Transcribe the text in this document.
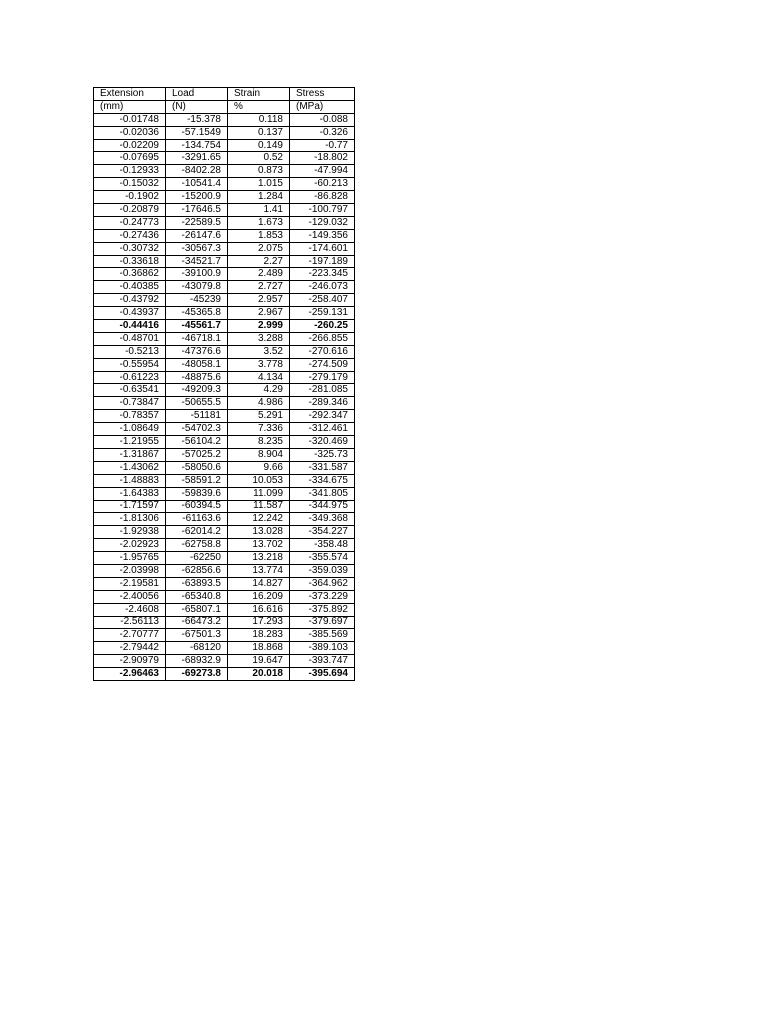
Extension	Load	Strain	Stress
(mm)	(N)	%	(MPa)
-0.01748	-15.378	0.118	-0.088
-0.02036	-57.1549	0.137	-0.326
-0.02209	-134.754	0.149	-0.77
-0.07695	-3291.65	0.52	-18.802
-0.12933	-8402.28	0.873	-47.994
-0.15032	-10541.4	1.015	-60.213
-0.1902	-15200.9	1.284	-86.828
-0.20879	-17646.5	1.41	-100.797
-0.24773	-22589.5	1.673	-129.032
-0.27436	-26147.6	1.853	-149.356
-0.30732	-30567.3	2.075	-174.601
-0.33618	-34521.7	2.27	-197.189
-0.36862	-39100.9	2.489	-223.345
-0.40385	-43079.8	2.727	-246.073
-0.43792	-45239	2.957	-258.407
-0.43937	-45365.8	2.967	-259.131
-0.44416	-45561.7	2.999	-260.25
-0.48701	-46718.1	3.288	-266.855
-0.5213	-47376.6	3.52	-270.616
-0.55954	-48058.1	3.778	-274.509
-0.61223	-48875.6	4.134	-279.179
-0.63541	-49209.3	4.29	-281.085
-0.73847	-50655.5	4.986	-289.346
-0.78357	-51181	5.291	-292.347
-1.08649	-54702.3	7.336	-312.461
-1.21955	-56104.2	8.235	-320.469
-1.31867	-57025.2	8.904	-325.73
-1.43062	-58050.6	9.66	-331.587
-1.48883	-58591.2	10.053	-334.675
-1.64383	-59839.6	11.099	-341.805
-1.71597	-60394.5	11.587	-344.975
-1.81306	-61163.6	12.242	-349.368
-1.92938	-62014.2	13.028	-354.227
-2.02923	-62758.8	13.702	-358.48
-1.95765	-62250	13.218	-355.574
-2.03998	-62856.6	13.774	-359.039
-2.19581	-63893.5	14.827	-364.962
-2.40056	-65340.8	16.209	-373.229
-2.4608	-65807.1	16.616	-375.892
-2.56113	-66473.2	17.293	-379.697
-2.70777	-67501.3	18.283	-385.569
-2.79442	-68120	18.868	-389.103
-2.90979	-68932.9	19.647	-393.747
-2.96463	-69273.8	20.018	-395.694
